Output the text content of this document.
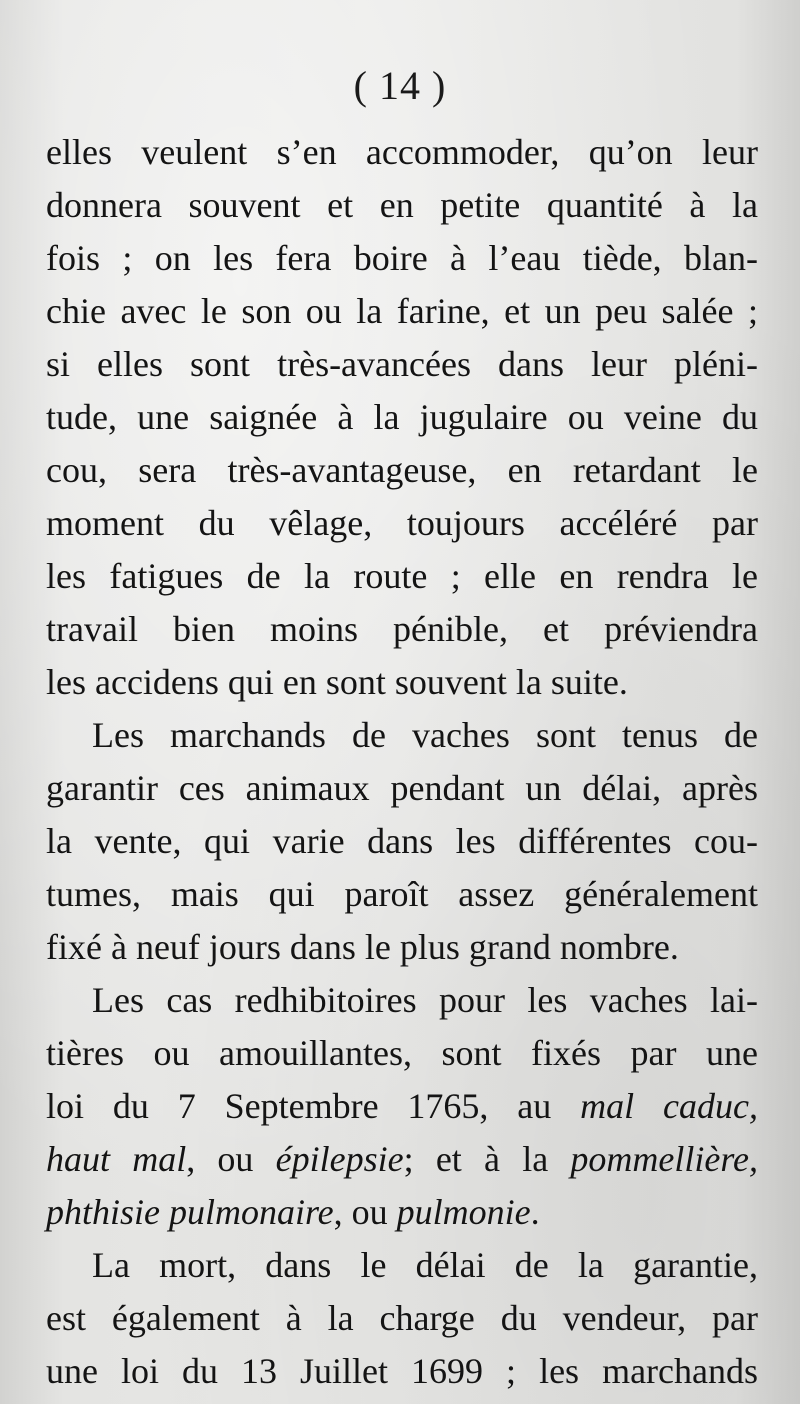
( 14 )
elles veulent s’en accommoder, qu’on leur
donnera souvent et en petite quantité à la
fois ; on les fera boire à l’eau tiède, blan-
chie avec le son ou la farine, et un peu salée ;
si elles sont très-avancées dans leur pléni-
tude, une saignée à la jugulaire ou veine du
cou, sera très-avantageuse, en retardant le
moment du vêlage, toujours accéléré par
les fatigues de la route ; elle en rendra le
travail bien moins pénible, et préviendra
les accidens qui en sont souvent la suite.
Les marchands de vaches sont tenus de
garantir ces animaux pendant un délai, après
la vente, qui varie dans les différentes cou-
tumes, mais qui paroît assez généralement
fixé à neuf jours dans le plus grand nombre.
Les cas redhibitoires pour les vaches lai-
tières ou amouillantes, sont fixés par une
loi du 7 Septembre 1765, au mal caduc,
haut mal, ou épilepsie; et à la pommellière,
phthisie pulmonaire, ou pulmonie.
La mort, dans le délai de la garantie,
est également à la charge du vendeur, par
une loi du 13 Juillet 1699 ; les marchands
